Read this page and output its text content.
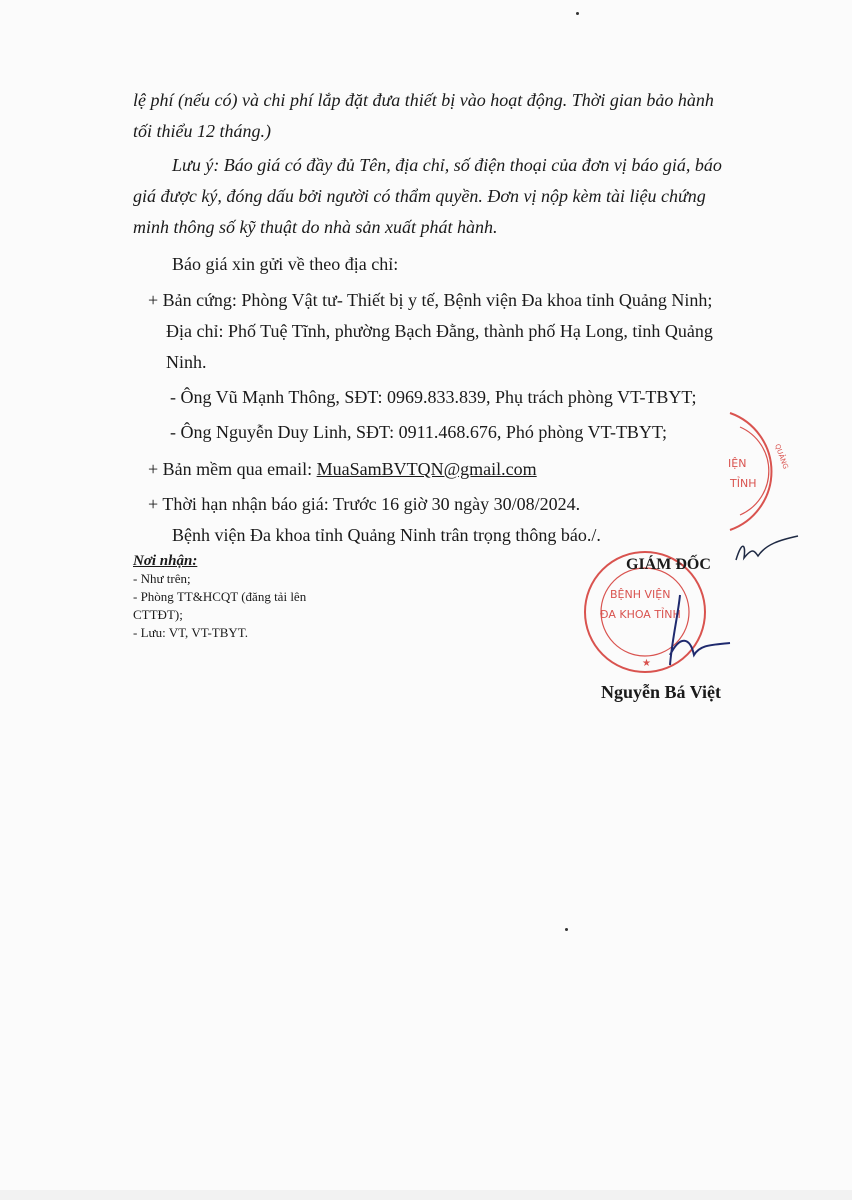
lệ phí (nếu có) và chi phí lắp đặt đưa thiết bị vào hoạt động. Thời gian bảo hành

tối thiểu 12 tháng.)

Lưu ý: Báo giá có đầy đủ Tên, địa chỉ, số điện thoại của đơn vị báo giá, báo

giá được ký, đóng dấu bởi người có thẩm quyền. Đơn vị nộp kèm tài liệu chứng

minh thông số kỹ thuật do nhà sản xuất phát hành.

Báo giá xin gửi về theo địa chỉ:

+ Bản cứng: Phòng Vật tư- Thiết bị y tế, Bệnh viện Đa khoa tỉnh Quảng Ninh;

Địa chỉ: Phố Tuệ Tĩnh, phường Bạch Đằng, thành phố Hạ Long, tỉnh Quảng

Ninh.

- Ông Vũ Mạnh Thông, SĐT: 0969.833.839, Phụ trách phòng VT-TBYT;

- Ông Nguyễn Duy Linh, SĐT: 0911.468.676, Phó phòng VT-TBYT;

+ Bản mềm qua email: MuaSamBVTQN@gmail.com

+ Thời hạn nhận báo giá: Trước 16 giờ 30 ngày 30/08/2024.

Bệnh viện Đa khoa tỉnh Quảng Ninh trân trọng thông báo./.

Nơi nhận:
- Như trên;
- Phòng TT&HCQT (đăng tải lên
CTTĐT);
- Lưu: VT, VT-TBYT.
IỆN
TỈNH
QUẢNG
BỆNH VIỆN
ĐA KHOA TỈNH
★
GIÁM ĐỐC
Nguyễn Bá Việt
